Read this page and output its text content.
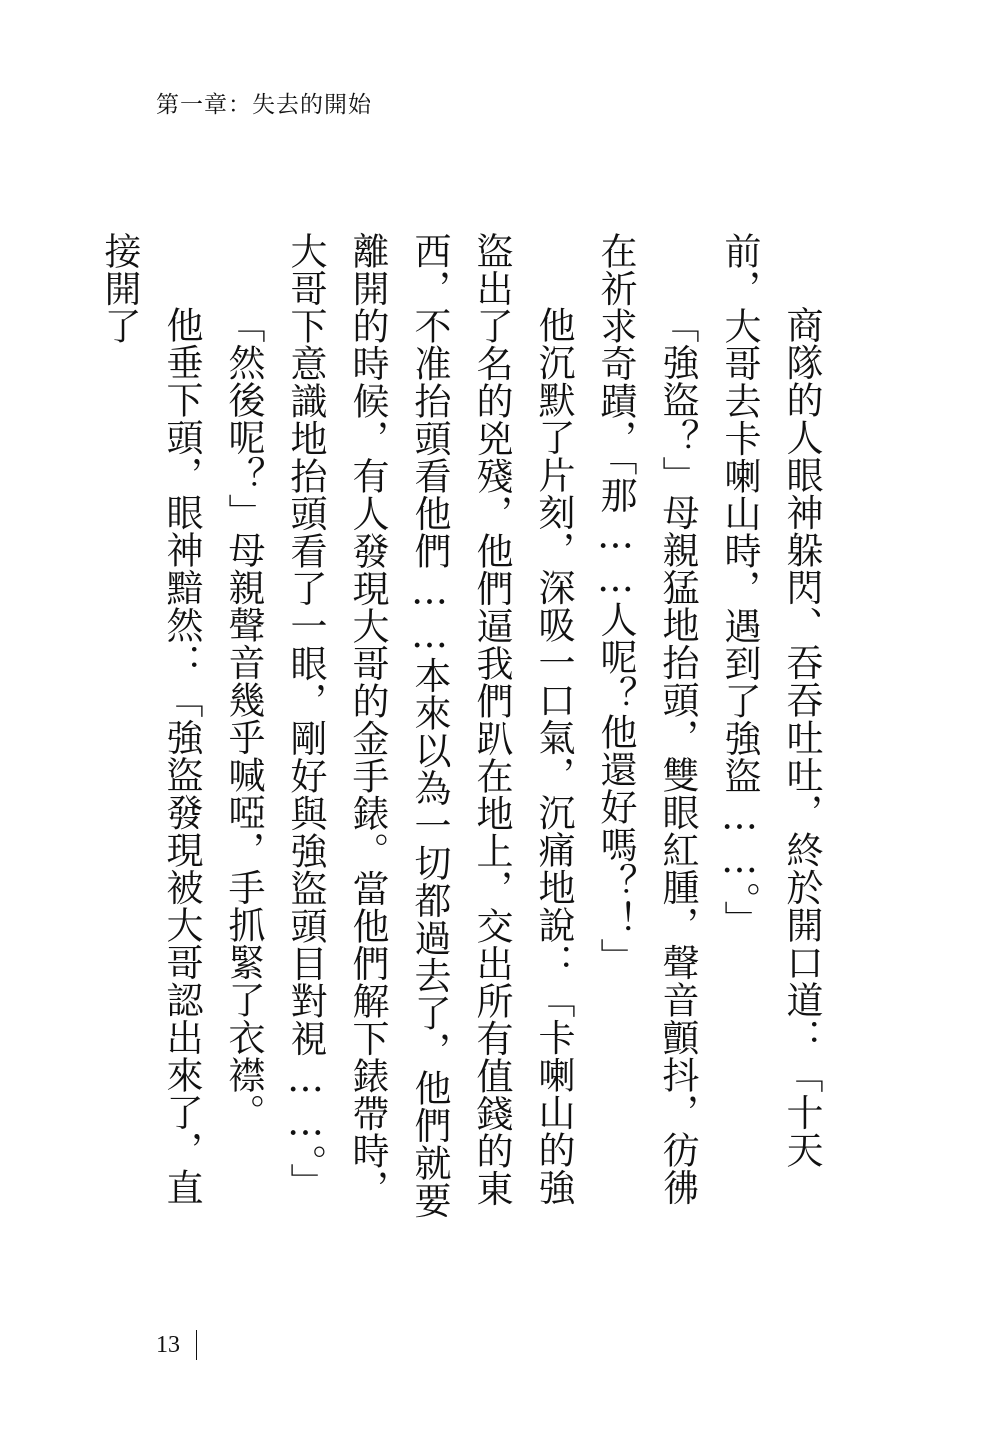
第一章：失去的開始

商隊的人眼神躲閃、吞吞吐吐，終於開口道：「十天前，大哥去卡喇山時，遇到了強盜……。」

「強盜？」母親猛地抬頭，雙眼紅腫，聲音顫抖，彷彿在祈求奇蹟，「那……人呢？他還好嗎？！」

他沉默了片刻，深吸一口氣，沉痛地說：「卡喇山的強盜出了名的兇殘，他們逼我們趴在地上，交出所有值錢的東西，不准抬頭看他們……本來以為一切都過去了，他們就要離開的時候，有人發現大哥的金手錶。當他們解下錶帶時，大哥下意識地抬頭看了一眼，剛好與強盜頭目對視……。」

「然後呢？」母親聲音幾乎喊啞，手抓緊了衣襟。

他垂下頭，眼神黯然：「強盜發現被大哥認出來了，直接開了

13
